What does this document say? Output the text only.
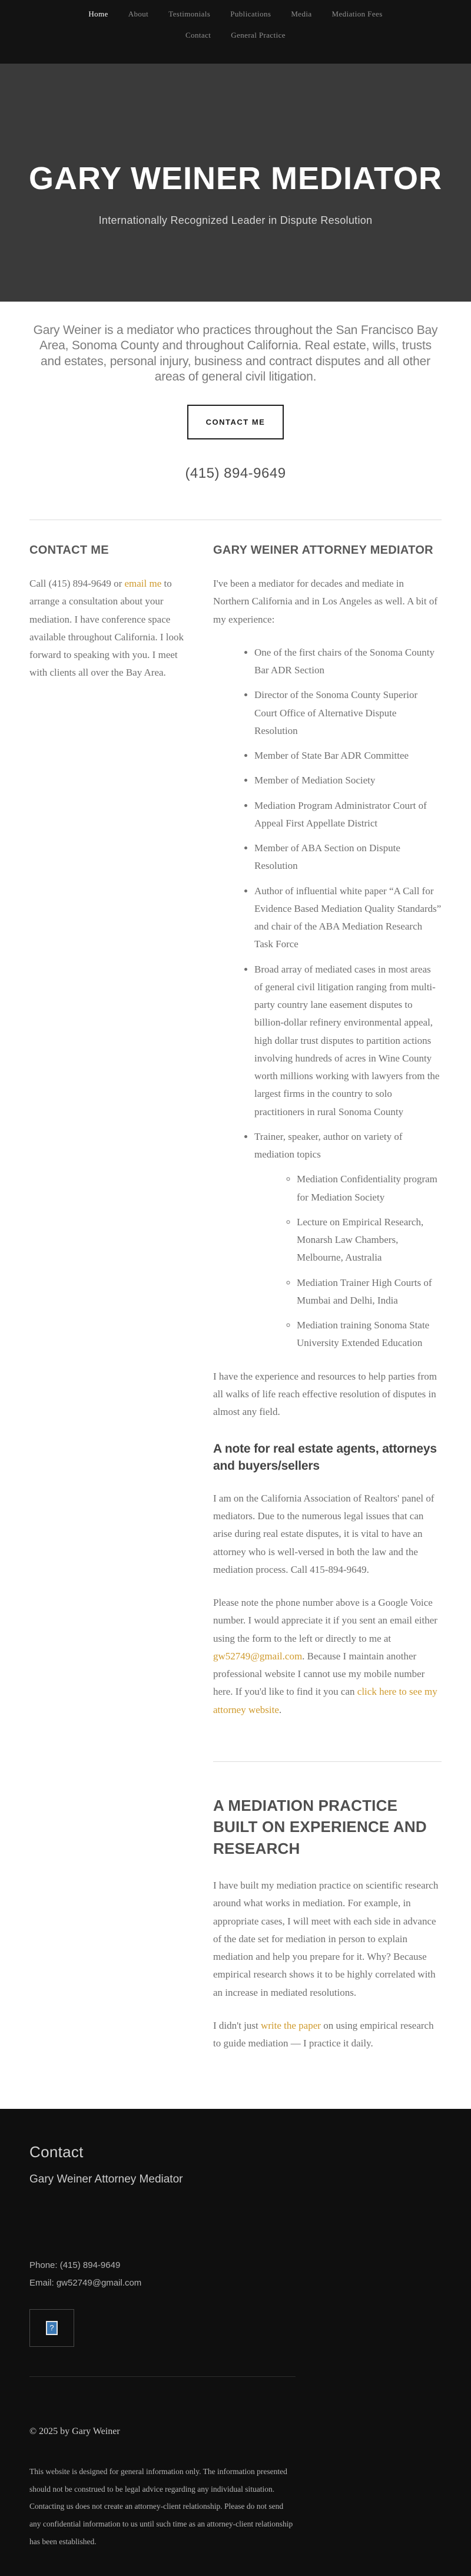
Home	About	Testimonials	Publications	Media	Mediation Fees
Contact	General Practice
GARY WEINER MEDIATOR
Internationally Recognized Leader in Dispute Resolution

Gary Weiner is a mediator who practices throughout the San Francisco Bay Area, Sonoma County and throughout California. Real estate, wills, trusts and estates, personal injury, business and contract disputes and all other areas of general civil litigation.

CONTACT ME
(415) 894-9649
CONTACT ME

Call (415) 894-9649 or email me to arrange a consultation about your mediation. I have conference space available throughout California. I look forward to speaking with you. I meet with clients all over the Bay Area.

GARY WEINER ATTORNEY MEDIATOR

I've been a mediator for decades and mediate in Northern California and in Los Angeles as well. A bit of my experience:

• One of the first chairs of the Sonoma County Bar ADR Section
• Director of the Sonoma County Superior Court Office of Alternative Dispute Resolution
• Member of State Bar ADR Committee
• Member of Mediation Society
• Mediation Program Administrator Court of Appeal First Appellate District
• Member of ABA Section on Dispute Resolution
• Author of influential white paper “A Call for Evidence Based Mediation Quality Standards” and chair of the ABA Mediation Research Task Force
• Broad array of mediated cases in most areas of general civil litigation ranging from multi-party country lane easement disputes to billion-dollar refinery environmental appeal, high dollar trust disputes to partition actions involving hundreds of acres in Wine County worth millions working with lawyers from the largest firms in the country to solo practitioners in rural Sonoma County
• Trainer, speaker, author on variety of mediation topics
◦ Mediation Confidentiality program for Mediation Society
◦ Lecture on Empirical Research, Monarsh Law Chambers, Melbourne, Australia
◦ Mediation Trainer High Courts of Mumbai and Delhi, India
◦ Mediation training Sonoma State University Extended Education

I have the experience and resources to help parties from all walks of life reach effective resolution of disputes in almost any field.

A note for real estate agents, attorneys and buyers/sellers

I am on the California Association of Realtors' panel of mediators. Due to the numerous legal issues that can arise during real estate disputes, it is vital to have an attorney who is well-versed in both the law and the mediation process. Call 415-894-9649.

Please note the phone number above is a Google Voice number. I would appreciate it if you sent an email either using the form to the left or directly to me at gw52749@gmail.com. Because I maintain another professional website I cannot use my mobile number here. If you'd like to find it you can click here to see my attorney website.

A MEDIATION PRACTICE BUILT ON EXPERIENCE AND RESEARCH

I have built my mediation practice on scientific research around what works in mediation. For example, in appropriate cases, I will meet with each side in advance of the date set for mediation in person to explain mediation and help you prepare for it. Why? Because empirical research shows it to be highly correlated with an increase in mediated resolutions.

I didn't just write the paper on using empirical research to guide mediation — I practice it daily.

Contact
Gary Weiner Attorney Mediator
Phone: (415) 894-9649
Email: gw52749@gmail.com
?
© 2025 by Gary Weiner

This website is designed for general information only. The information presented should not be construed to be legal advice regarding any individual situation. Contacting us does not create an attorney-client relationship. Please do not send any confidential information to us until such time as an attorney-client relationship has been established.
